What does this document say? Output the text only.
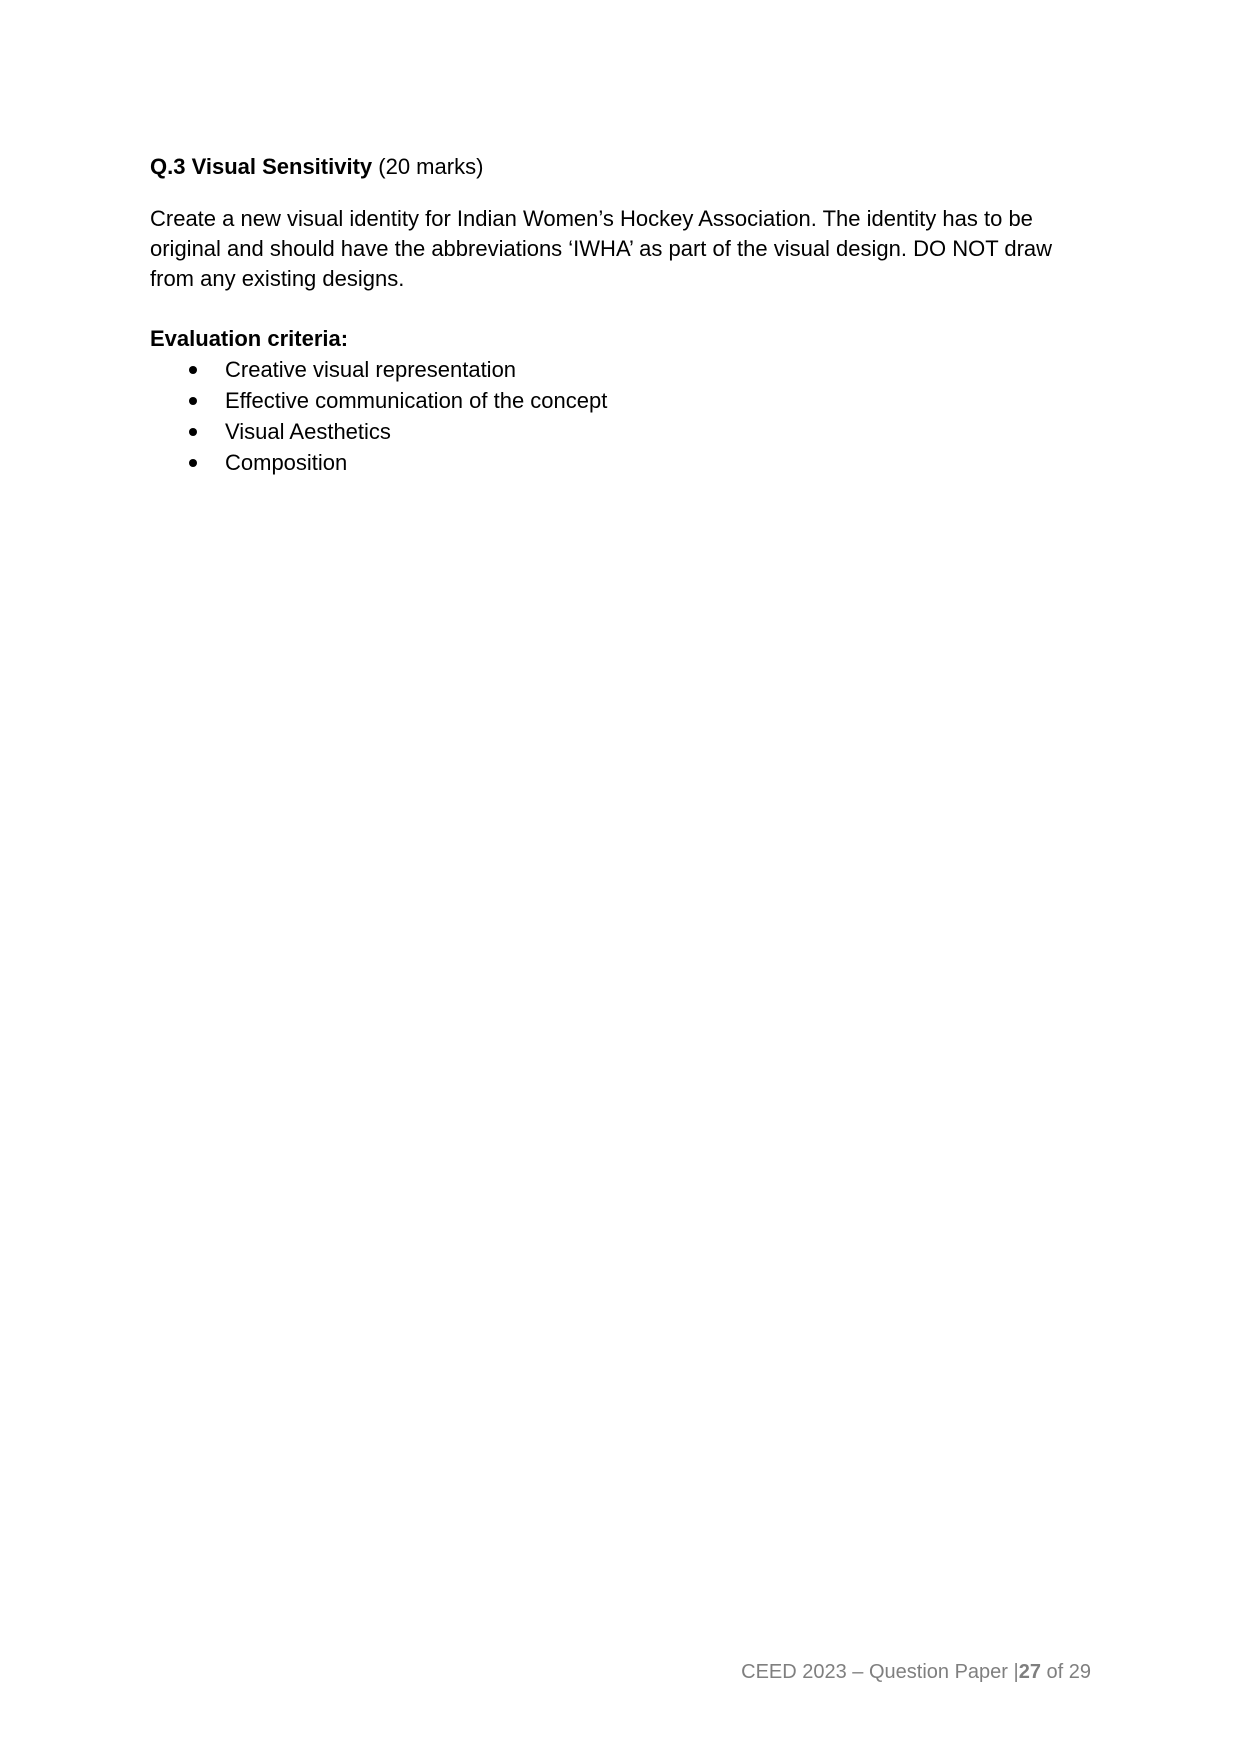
Q.3 Visual Sensitivity (20 marks)

Create a new visual identity for Indian Women’s Hockey Association. The identity has to be original and should have the abbreviations ‘IWHA’ as part of the visual design. DO NOT draw from any existing designs.

Evaluation criteria:

Creative visual representation
Effective communication of the concept
Visual Aesthetics
Composition
CEED 2023 – Question Paper |27 of 29
